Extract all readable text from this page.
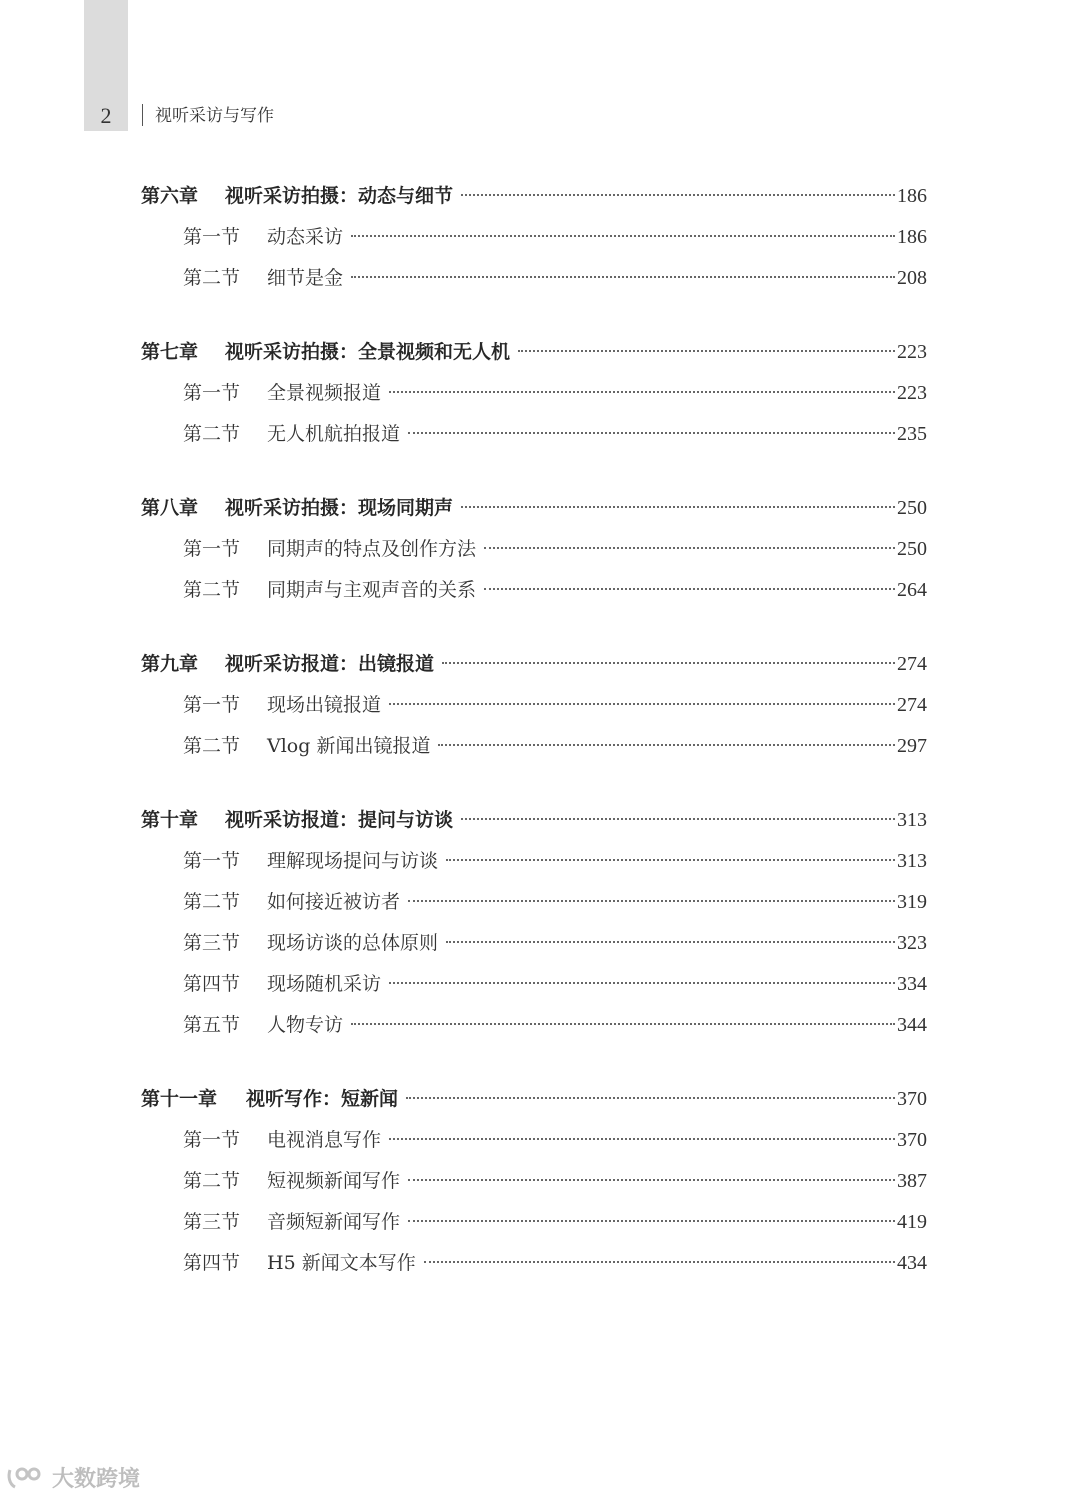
2	视听采访与写作
第六章	视听采访拍摄：动态与细节	186
第一节	动态采访	186
第二节	细节是金	208
第七章	视听采访拍摄：全景视频和无人机	223
第一节	全景视频报道	223
第二节	无人机航拍报道	235
第八章	视听采访拍摄：现场同期声	250
第一节	同期声的特点及创作方法	250
第二节	同期声与主观声音的关系	264
第九章	视听采访报道：出镜报道	274
第一节	现场出镜报道	274
第二节	Vlog 新闻出镜报道	297
第十章	视听采访报道：提问与访谈	313
第一节	理解现场提问与访谈	313
第二节	如何接近被访者	319
第三节	现场访谈的总体原则	323
第四节	现场随机采访	334
第五节	人物专访	344
第十一章	视听写作：短新闻	370
第一节	电视消息写作	370
第二节	短视频新闻写作	387
第三节	音频短新闻写作	419
第四节	H5 新闻文本写作	434
大数跨境
